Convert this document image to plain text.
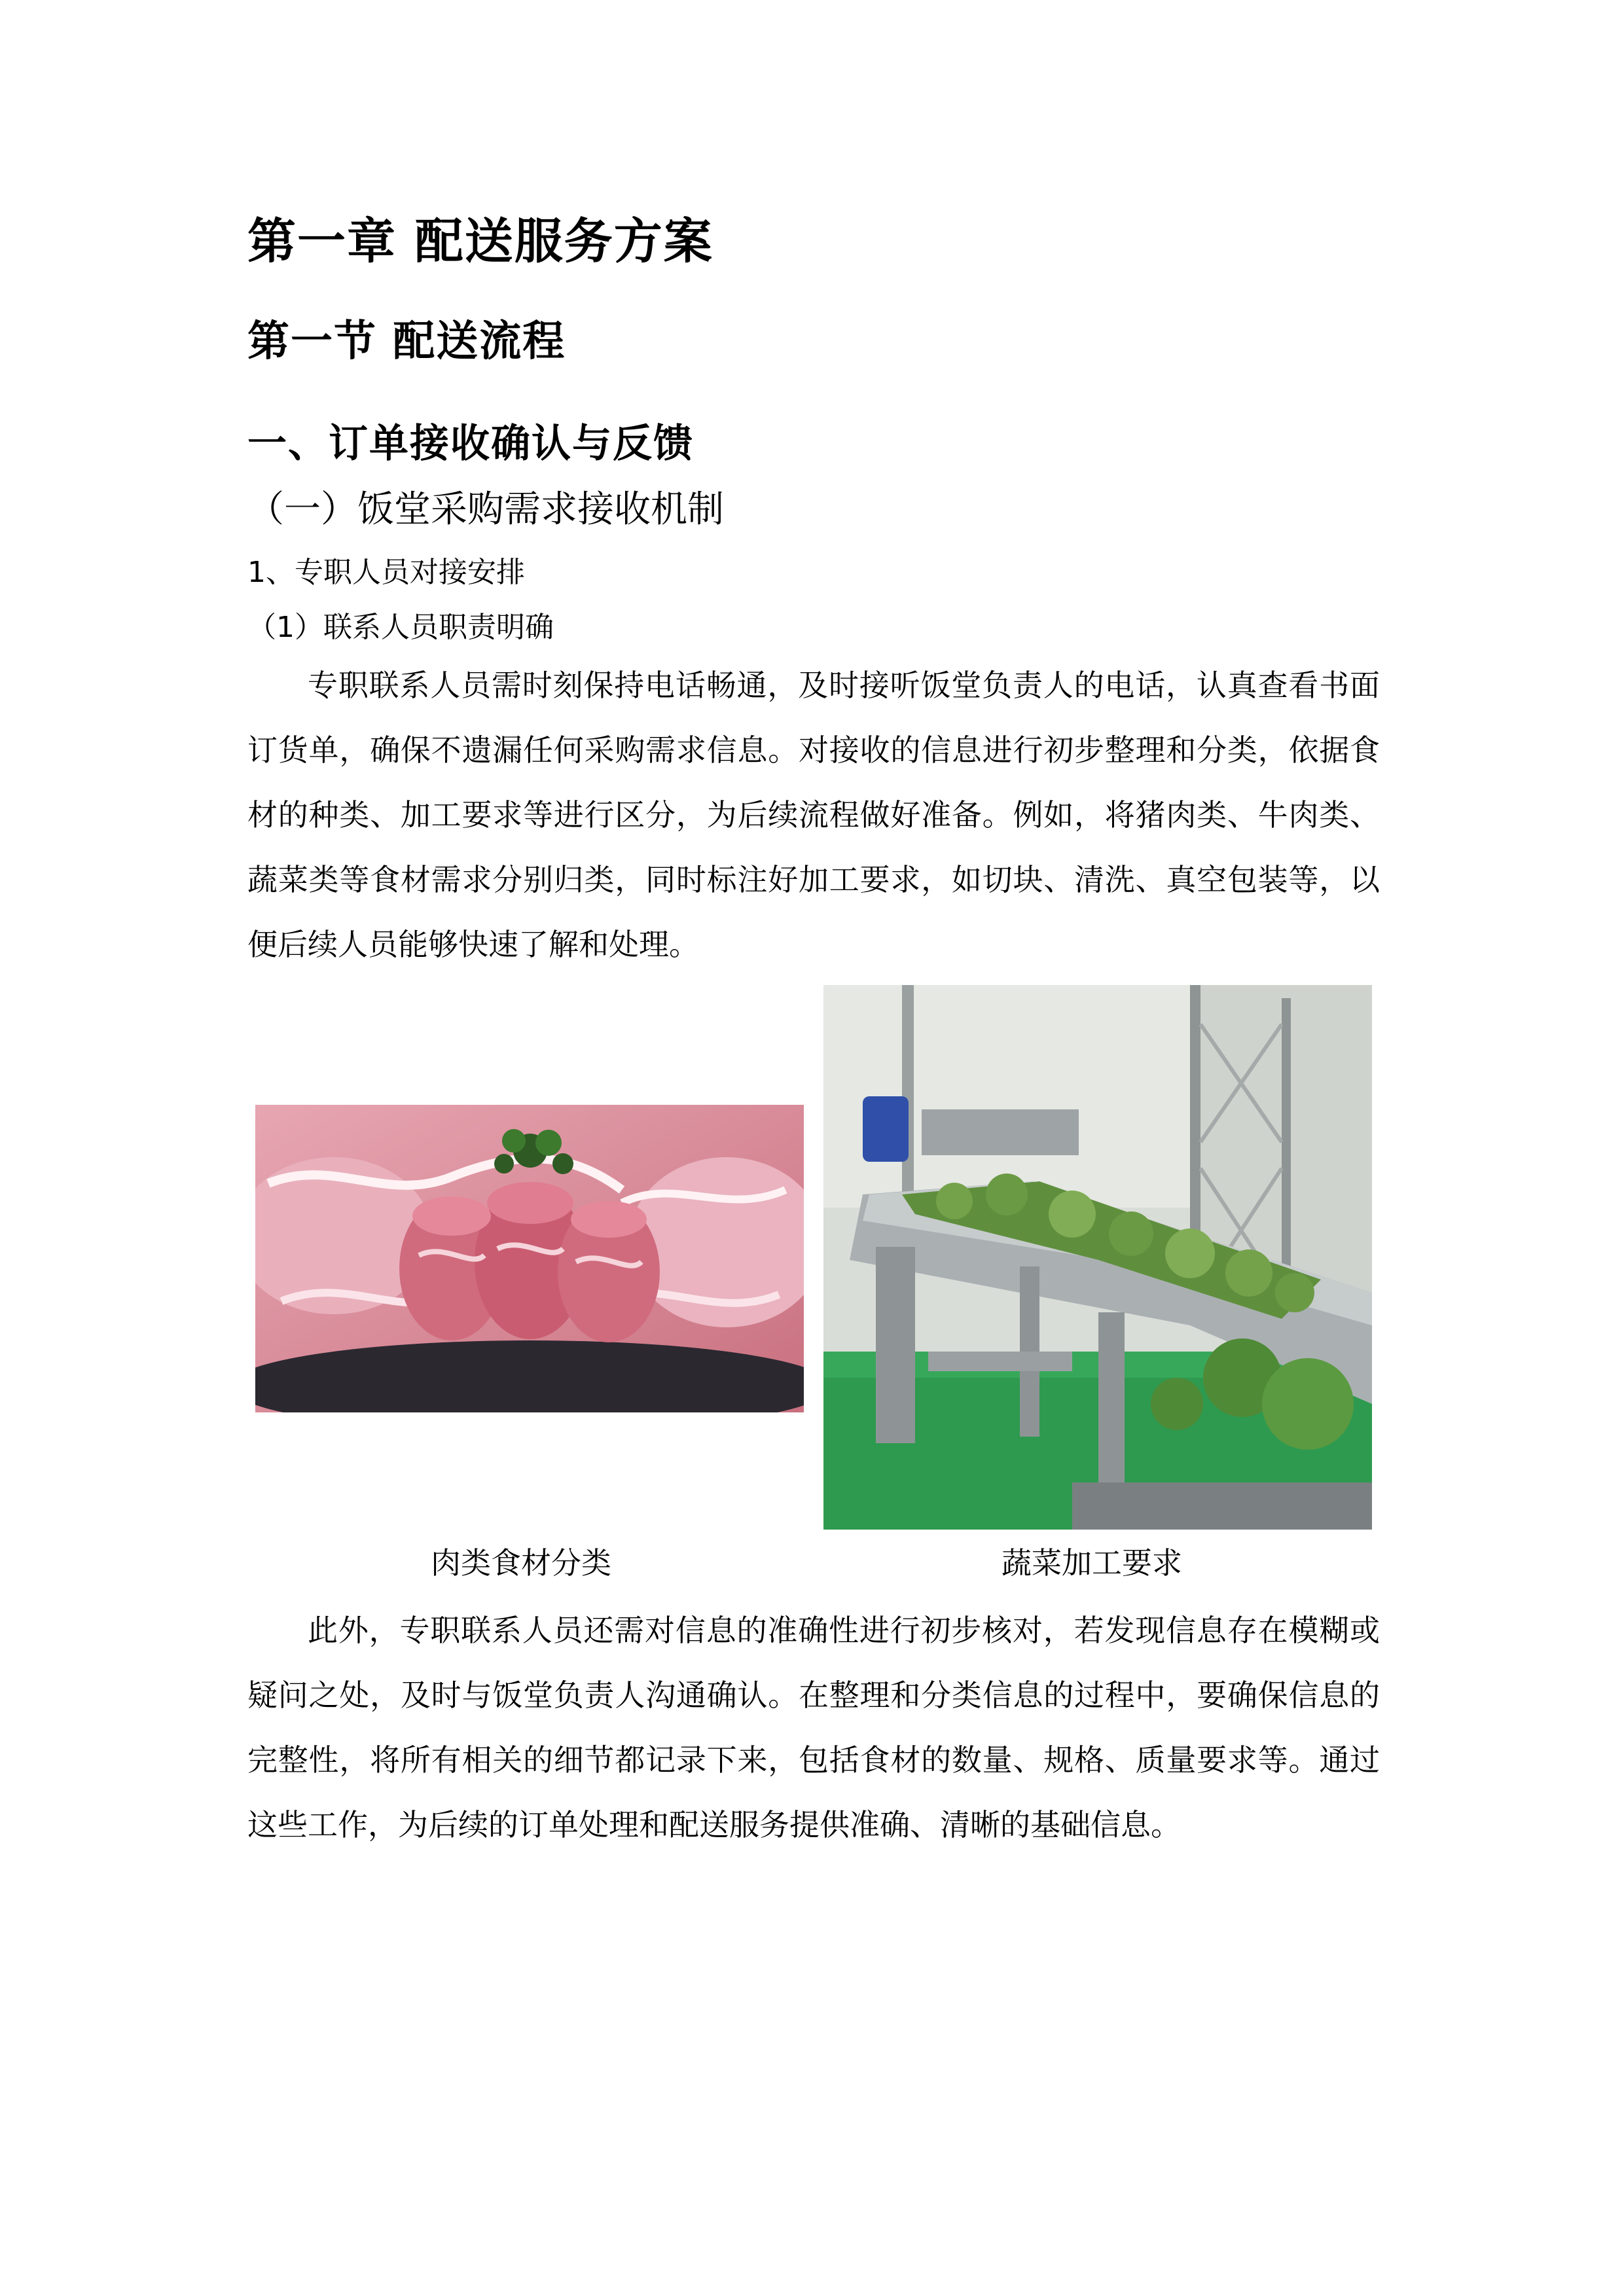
第一章 配送服务方案
第一节 配送流程
一、订单接收确认与反馈
（一）饭堂采购需求接收机制
1、专职人员对接安排
（1）联系人员职责明确

专职联系人员需时刻保持电话畅通，及时接听饭堂负责人的电话，认真查看书面订货单，确保不遗漏任何采购需求信息。对接收的信息进行初步整理和分类，依据食材的种类、加工要求等进行区分，为后续流程做好准备。例如，将猪肉类、牛肉类、蔬菜类等食材需求分别归类，同时标注好加工要求，如切块、清洗、真空包装等，以便后续人员能够快速了解和处理。

肉类食材分类	蔬菜加工要求

此外，专职联系人员还需对信息的准确性进行初步核对，若发现信息存在模糊或疑问之处，及时与饭堂负责人沟通确认。在整理和分类信息的过程中，要确保信息的完整性，将所有相关的细节都记录下来，包括食材的数量、规格、质量要求等。通过这些工作，为后续的订单处理和配送服务提供准确、清晰的基础信息。
